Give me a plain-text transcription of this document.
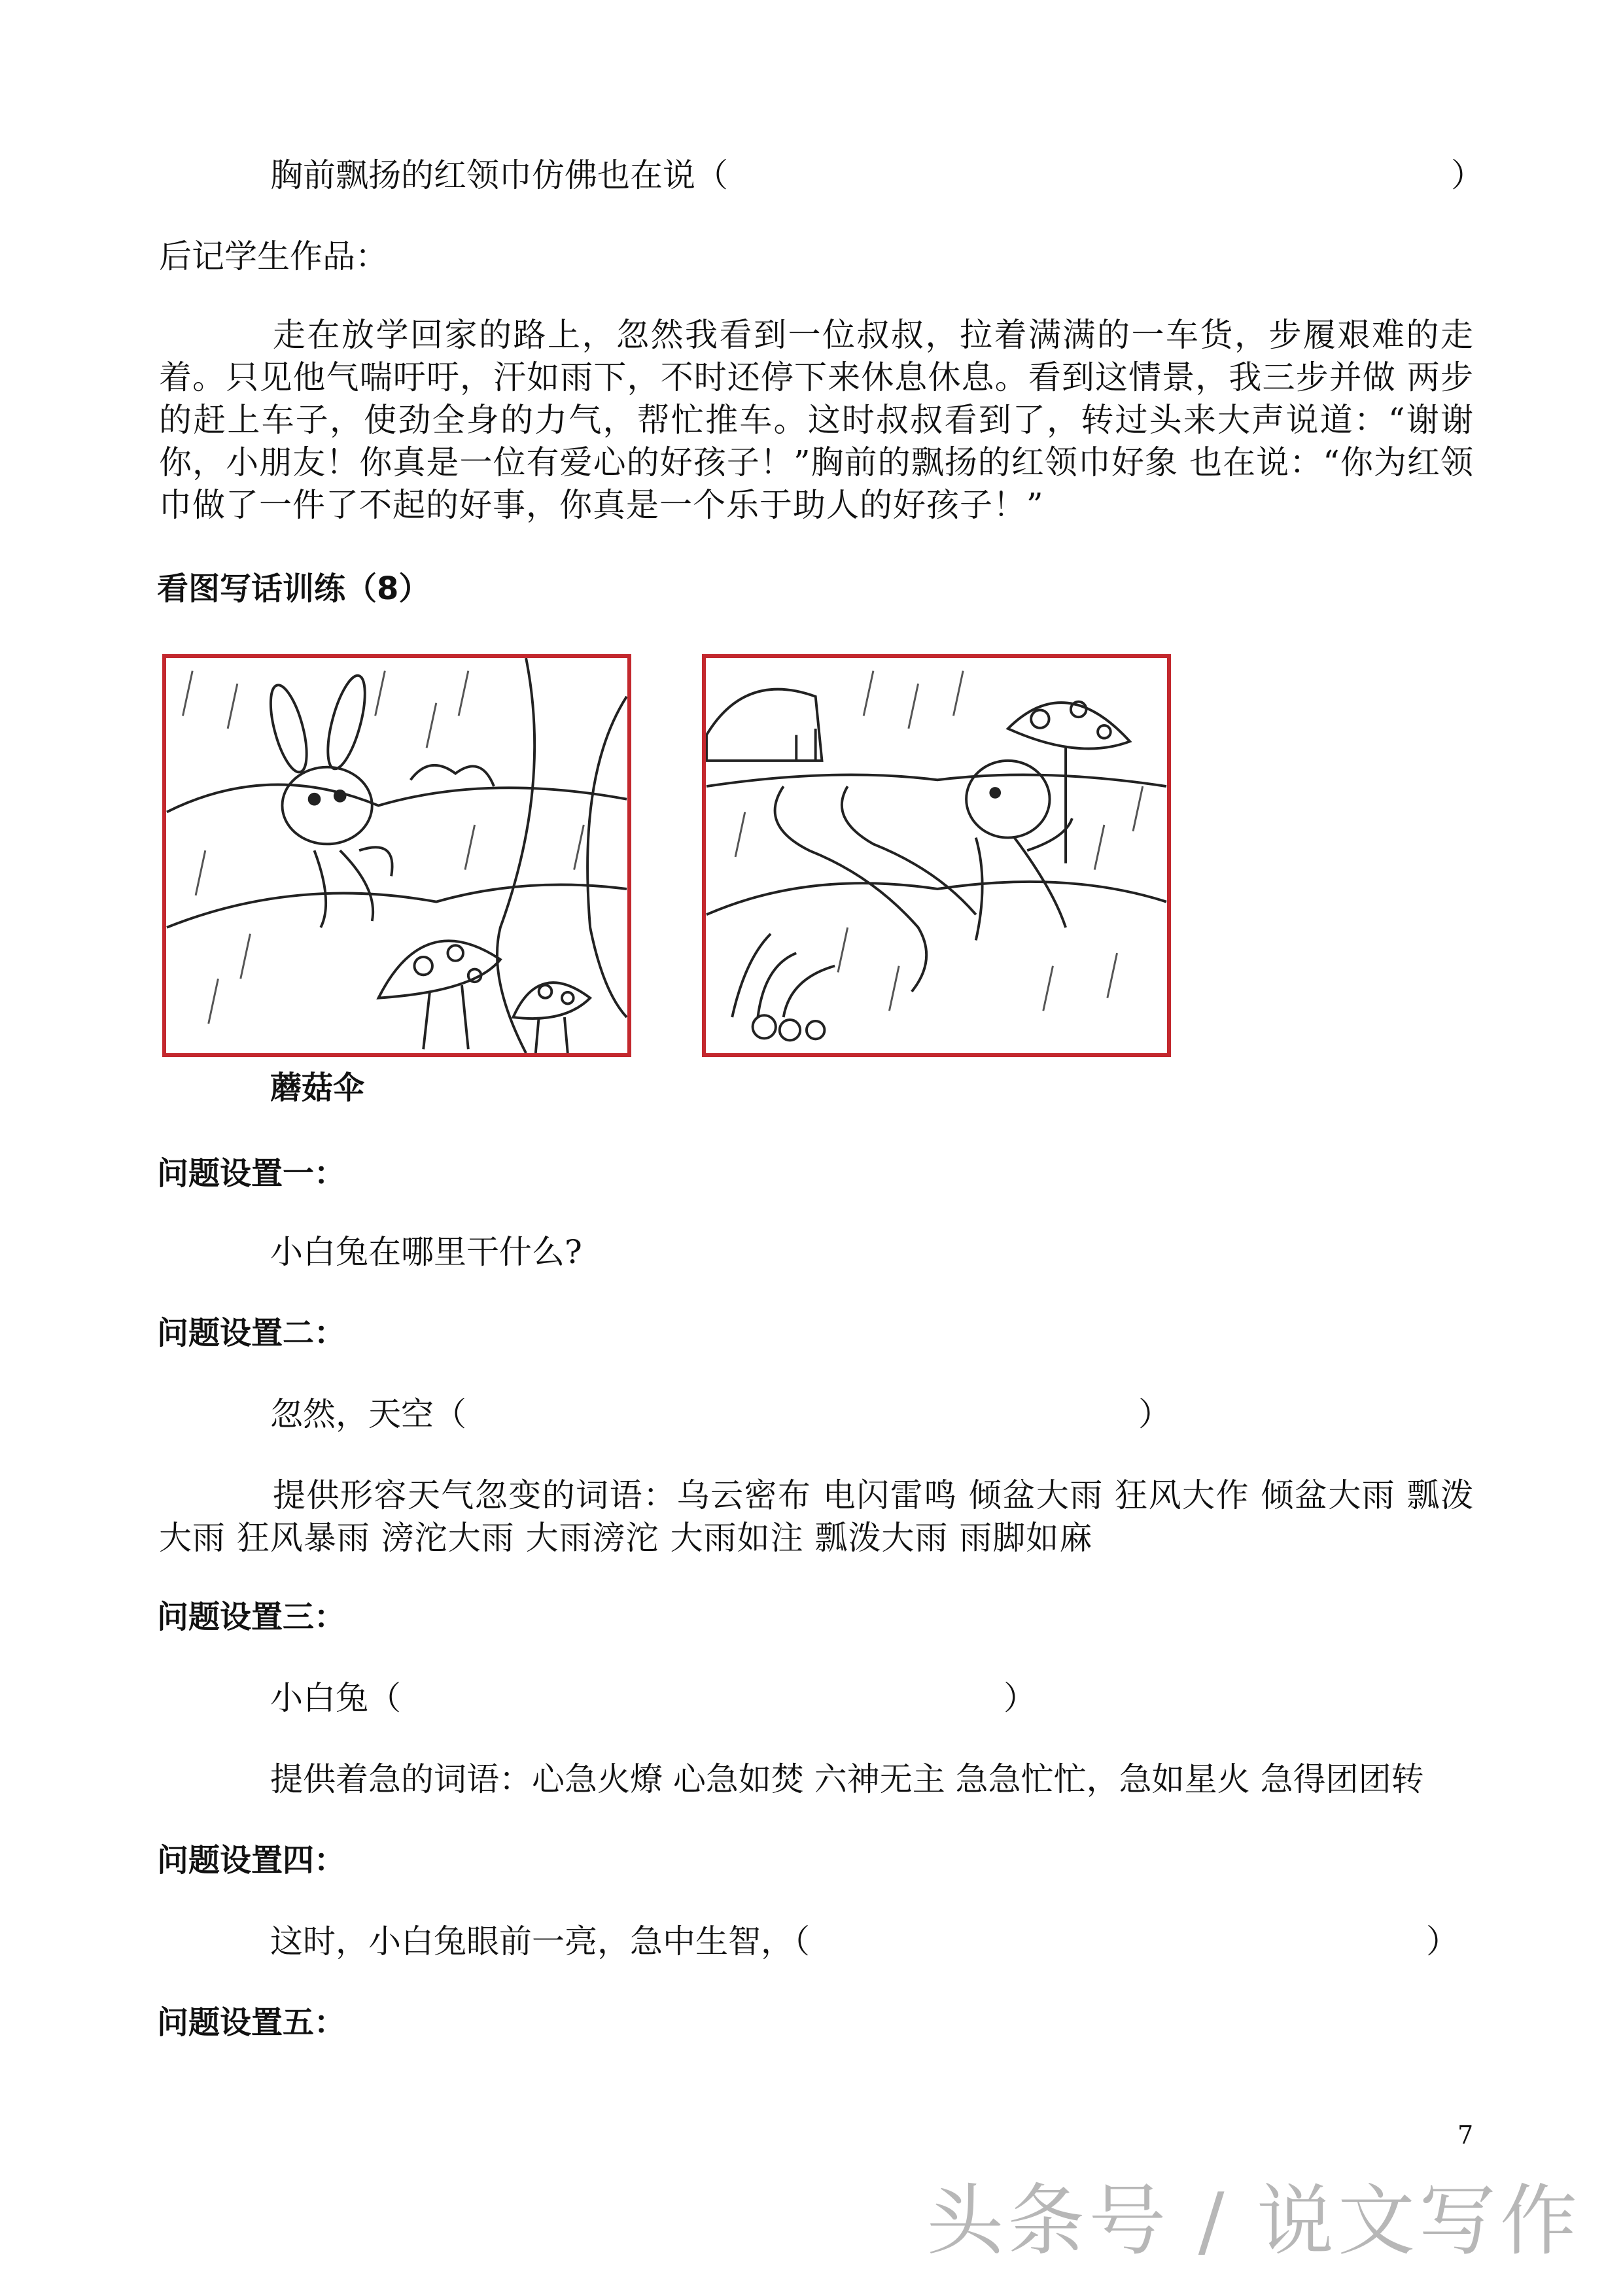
胸前飘扬的红领巾仿佛也在说（	）
后记学生作品：
走在放学回家的路上，忽然我看到一位叔叔，拉着满满的一车货，步履艰难的走着。只见他气喘吁吁，汗如雨下，不时还停下来休息休息。看到这情景，我三步并做 两步的赶上车子，使劲全身的力气，帮忙推车。这时叔叔看到了，转过头来大声说道：“谢谢你，小朋友！你真是一位有爱心的好孩子！”胸前的飘扬的红领巾好象 也在说：“你为红领巾做了一件了不起的好事，你真是一个乐于助人的好孩子！”
看图写话训练（8）
蘑菇伞
问题设置一：
小白兔在哪里干什么?
问题设置二：
忽然，天空（	）
提供形容天气忽变的词语：乌云密布 电闪雷鸣 倾盆大雨 狂风大作 倾盆大雨 瓢泼大雨 狂风暴雨 滂沱大雨 大雨滂沱 大雨如注 瓢泼大雨 雨脚如麻
问题设置三：
小白兔（	）
提供着急的词语：心急火燎 心急如焚 六神无主 急急忙忙，急如星火 急得团团转
问题设置四：
这时，小白兔眼前一亮，急中生智，（	）
问题设置五：
7
头条号 / 说文写作
